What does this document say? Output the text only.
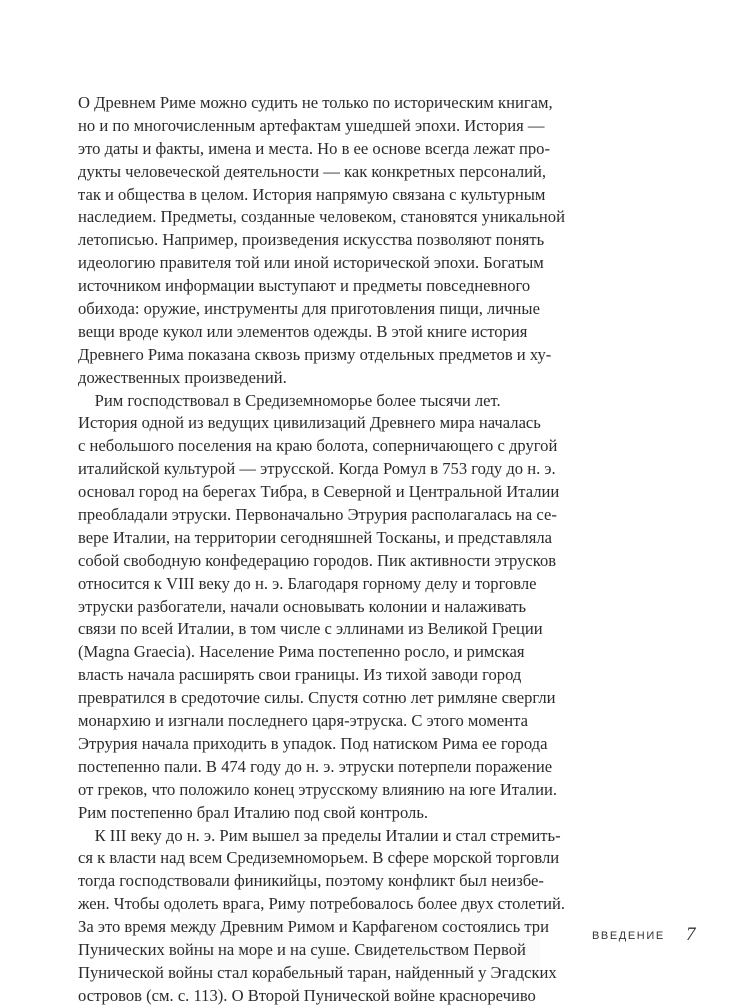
О Древнем Риме можно судить не только по историческим книгам,
но и по многочисленным артефактам ушедшей эпохи. История —
это даты и факты, имена и места. Но в ее основе всегда лежат про-
дукты человеческой деятельности — как конкретных персоналий,
так и общества в целом. История напрямую связана с культурным
наследием. Предметы, созданные человеком, становятся уникальной
летописью. Например, произведения искусства позволяют понять
идеологию правителя той или иной исторической эпохи. Богатым
источником информации выступают и предметы повседневного
обихода: оружие, инструменты для приготовления пищи, личные
вещи вроде кукол или элементов одежды. В этой книге история
Древнего Рима показана сквозь призму отдельных предметов и ху-
дожественных произведений.
Рим господствовал в Средиземноморье более тысячи лет.
История одной из ведущих цивилизаций Древнего мира началась
с небольшого поселения на краю болота, соперничающего с другой
италийской культурой — этрусской. Когда Ромул в 753 году до н. э.
основал город на берегах Тибра, в Северной и Центральной Италии
преобладали этруски. Первоначально Этрурия располагалась на се-
вере Италии, на территории сегодняшней Тосканы, и представляла
собой свободную конфедерацию городов. Пик активности этрусков
относится к VIII веку до н. э. Благодаря горному делу и торговле
этруски разбогатели, начали основывать колонии и налаживать
связи по всей Италии, в том числе с эллинами из Великой Греции
(Magna Graecia). Население Рима постепенно росло, и римская
власть начала расширять свои границы. Из тихой заводи город
превратился в средоточие силы. Спустя сотню лет римляне свергли
монархию и изгнали последнего царя-этруска. С этого момента
Этрурия начала приходить в упадок. Под натиском Рима ее города
постепенно пали. В 474 году до н. э. этруски потерпели поражение
от греков, что положило конец этрусскому влиянию на юге Италии.
Рим постепенно брал Италию под свой контроль.
К III веку до н. э. Рим вышел за пределы Италии и стал стремить-
ся к власти над всем Средиземноморьем. В сфере морской торговли
тогда господствовали финикийцы, поэтому конфликт был неизбе-
жен. Чтобы одолеть врага, Риму потребовалось более двух столетий.
За это время между Древним Римом и Карфагеном состоялись три
Пунических войны на море и на суше. Свидетельством Первой
Пунической войны стал корабельный таран, найденный у Эгадских
островов (см. с. 113). О Второй Пунической войне красноречиво
ВВЕДЕНИЕ 7
